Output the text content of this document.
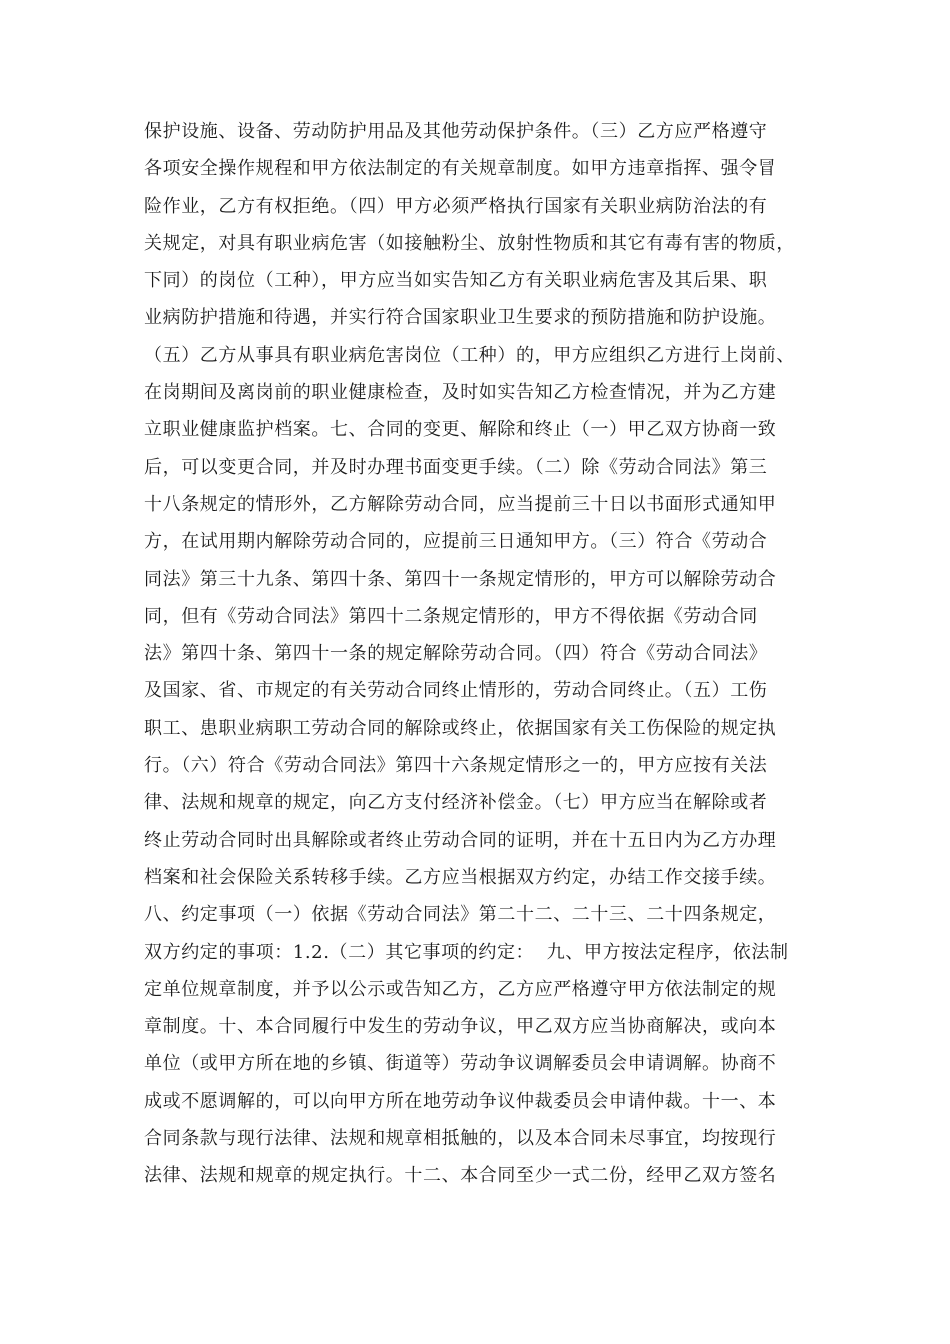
保护设施、设备、劳动防护用品及其他劳动保护条件。（三）乙方应严格遵守
各项安全操作规程和甲方依法制定的有关规章制度。如甲方违章指挥、强令冒
险作业，乙方有权拒绝。（四）甲方必须严格执行国家有关职业病防治法的有
关规定，对具有职业病危害（如接触粉尘、放射性物质和其它有毒有害的物质，
下同）的岗位（工种），甲方应当如实告知乙方有关职业病危害及其后果、职
业病防护措施和待遇，并实行符合国家职业卫生要求的预防措施和防护设施。
（五）乙方从事具有职业病危害岗位（工种）的，甲方应组织乙方进行上岗前、
在岗期间及离岗前的职业健康检查，及时如实告知乙方检查情况，并为乙方建
立职业健康监护档案。七、合同的变更、解除和终止（一）甲乙双方协商一致
后，可以变更合同，并及时办理书面变更手续。（二）除《劳动合同法》第三
十八条规定的情形外，乙方解除劳动合同，应当提前三十日以书面形式通知甲
方，在试用期内解除劳动合同的，应提前三日通知甲方。（三）符合《劳动合
同法》第三十九条、第四十条、第四十一条规定情形的，甲方可以解除劳动合
同，但有《劳动合同法》第四十二条规定情形的，甲方不得依据《劳动合同
法》第四十条、第四十一条的规定解除劳动合同。（四）符合《劳动合同法》
及国家、省、市规定的有关劳动合同终止情形的，劳动合同终止。（五）工伤
职工、患职业病职工劳动合同的解除或终止，依据国家有关工伤保险的规定执
行。（六）符合《劳动合同法》第四十六条规定情形之一的，甲方应按有关法
律、法规和规章的规定，向乙方支付经济补偿金。（七）甲方应当在解除或者
终止劳动合同时出具解除或者终止劳动合同的证明，并在十五日内为乙方办理
档案和社会保险关系转移手续。乙方应当根据双方约定，办结工作交接手续。
八、约定事项（一）依据《劳动合同法》第二十二、二十三、二十四条规定，
双方约定的事项：1.2.（二）其它事项的约定：  九、甲方按法定程序，依法制
定单位规章制度，并予以公示或告知乙方，乙方应严格遵守甲方依法制定的规
章制度。十、本合同履行中发生的劳动争议，甲乙双方应当协商解决，或向本
单位（或甲方所在地的乡镇、街道等）劳动争议调解委员会申请调解。协商不
成或不愿调解的，可以向甲方所在地劳动争议仲裁委员会申请仲裁。十一、本
合同条款与现行法律、法规和规章相抵触的，以及本合同未尽事宜，均按现行
法律、法规和规章的规定执行。十二、本合同至少一式二份，经甲乙双方签名
